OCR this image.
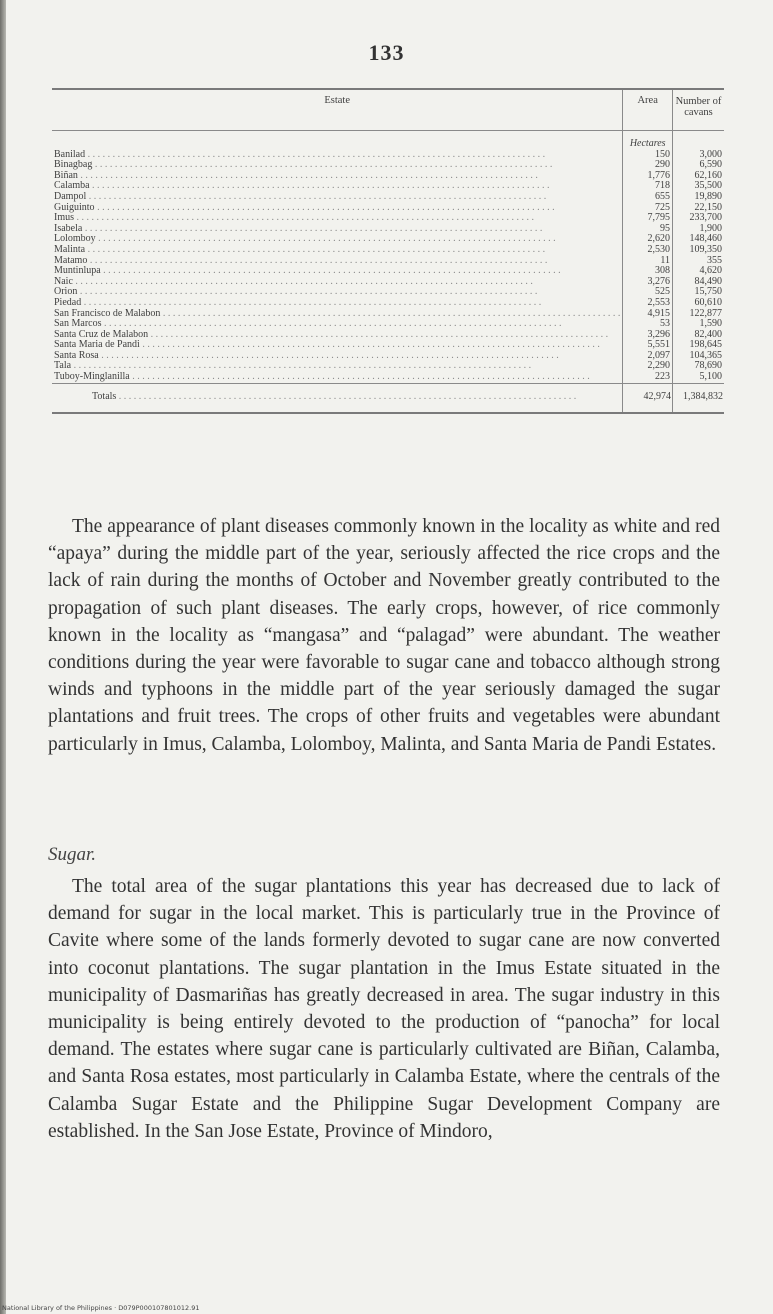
133
Estate	Area	Number of cavans
	Hectares	
Banilad . . .	150	3,000
Binagbag . . .	290	6,590
Biñan . . .	1,776	62,160
Calamba . . .	718	35,500
Dampol . . .	655	19,890
Guiguinto . . .	725	22,150
Imus . . .	7,795	233,700
Isabela . . .	95	1,900
Lolomboy . . .	2,620	148,460
Malinta . . .	2,530	109,350
Matamo . . .	11	355
Muntinlupa . . .	308	4,620
Naic . . .	3,276	84,490
Orion . . .	525	15,750
Piedad . . .	2,553	60,610
San Francisco de Malabon . . .	4,915	122,877
San Marcos . . .	53	1,590
Santa Cruz de Malabon . . .	3,296	82,400
Santa Maria de Pandi . . .	5,551	198,645
Santa Rosa . . .	2,097	104,365
Tala . . .	2,290	78,690
Tuboy-Minglanilla . . .	223	5,100
Totals . . .	42,974	1,384,832

The appearance of plant diseases commonly known in the locality as white and red “apaya” during the middle part of the year, seriously affected the rice crops and the lack of rain during the months of October and November greatly contributed to the propagation of such plant diseases. The early crops, however, of rice commonly known in the locality as “mangasa” and “palagad” were abundant. The weather conditions during the year were favorable to sugar cane and tobacco although strong winds and typhoons in the middle part of the year seriously damaged the sugar plantations and fruit trees. The crops of other fruits and vegetables were abundant particularly in Imus, Calamba, Lolomboy, Malinta, and Santa Maria de Pandi Estates.

Sugar.

The total area of the sugar plantations this year has decreased due to lack of demand for sugar in the local market. This is particularly true in the Province of Cavite where some of the lands formerly devoted to sugar cane are now converted into coconut plantations. The sugar plantation in the Imus Estate situated in the municipality of Dasmariñas has greatly decreased in area. The sugar industry in this municipality is being entirely devoted to the production of “panocha” for local demand. The estates where sugar cane is particularly cultivated are Biñan, Calamba, and Santa Rosa estates, most particularly in Calamba Estate, where the centrals of the Calamba Sugar Estate and the Philippine Sugar Development Company are established. In the San Jose Estate, Province of Mindoro,

National Library of the Philippines · D079P000107801012.91
